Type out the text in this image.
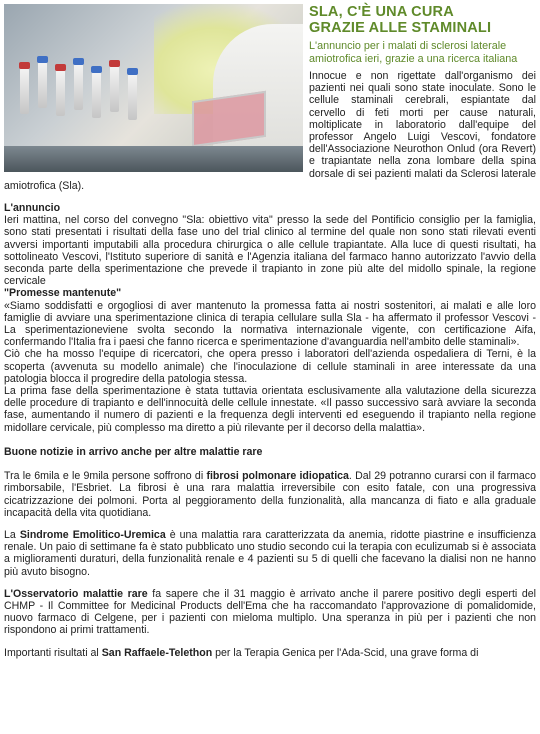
SLA, C'È UNA CURA
GRAZIE ALLE STAMINALI
L'annuncio per i malati di sclerosi laterale amiotrofica ieri, grazie a una ricerca italiana

Innocue e non rigettate dall'organismo dei pazienti nei quali sono state inoculate. Sono le cellule staminali cerebrali, espiantate dal cervello di feti morti per cause naturali, moltiplicate in laboratorio dall'equipe del professor Angelo Luigi Vescovi, fondatore dell'Associazione Neurothon Onlud (ora Revert) e trapiantate nella zona lombare della spina dorsale di sei pazienti malati da Sclerosi laterale amiotrofica (Sla).

L'annuncio

Ieri mattina, nel corso del convegno "Sla: obiettivo vita" presso la sede del Pontificio consiglio per la famiglia, sono stati presentati i risultati della fase uno del trial clinico al termine del quale non sono stati rilevati eventi avversi importanti imputabili alla procedura chirurgica o alle cellule trapiantate. Alla luce di questi risultati, ha sottolineato Vescovi, l'Istituto superiore di sanità e l'Agenzia italiana del farmaco hanno autorizzato l'avvio della seconda parte della sperimentazione che prevede il trapianto in zone più alte del midollo spinale, la regione cervicale

"Promesse mantenute"

«Siamo soddisfatti e orgogliosi di aver mantenuto la promessa fatta ai nostri sostenitori, ai malati e alle loro famiglie di avviare una sperimentazione clinica di terapia cellulare sulla Sla - ha affermato il professor Vescovi - La sperimentazioneviene svolta secondo la normativa internazionale vigente, con certificazione Aifa, confermando l'Italia fra i paesi che fanno ricerca e sperimentazione d'avanguardia nell'ambito delle staminali».

Ciò che ha mosso l'equipe di ricercatori, che opera presso i laboratori dell'azienda ospedaliera di Terni, è la scoperta (avvenuta su modello animale) che l'inoculazione di cellule staminali in aree interessate da una patologia blocca il progredire della patologia stessa.

La prima fase della sperimentazione è stata tuttavia orientata esclusivamente alla valutazione della sicurezza delle procedure di trapianto e dell'innocuità delle cellule innestate. «Il passo successivo sarà avviare la seconda fase, aumentando il numero di pazienti e la frequenza degli interventi ed eseguendo il trapianto nella regione midollare cervicale, più complesso ma diretto a più rilevante per il decorso della malattia».

Buone notizie in arrivo anche per altre malattie rare

Tra le 6mila e le 9mila persone soffrono di fibrosi polmonare idiopatica. Dal 29 potranno curarsi con il farmaco rimborsabile, l'Esbriet. La fibrosi è una rara malattia irreversibile con esito fatale, con una progressiva cicatrizzazione dei polmoni. Porta al peggioramento della funzionalità, alla mancanza di fiato e alla graduale incapacità della vita quotidiana.

La Sindrome Emolitico-Uremica è una malattia rara caratterizzata da anemia, ridotte piastrine e insufficienza renale. Un paio di settimane fa è stato pubblicato uno studio secondo cui la terapia con eculizumab si è associata a miglioramenti duraturi, della funzionalità renale e 4 pazienti su 5 di quelli che facevano la dialisi non ne hanno più avuto bisogno.

L'Osservatorio malattie rare fa sapere che il 31 maggio è arrivato anche il parere positivo degli esperti del CHMP - Il Committee for Medicinal Products dell'Ema che ha raccomandato l'approvazione di pomalidomide, nuovo farmaco di Celgene, per i pazienti con mieloma multiplo. Una speranza in più per i pazienti che non rispondono ai primi trattamenti.

Importanti risultati al San Raffaele-Telethon per la Terapia Genica per l'Ada-Scid, una grave forma di
